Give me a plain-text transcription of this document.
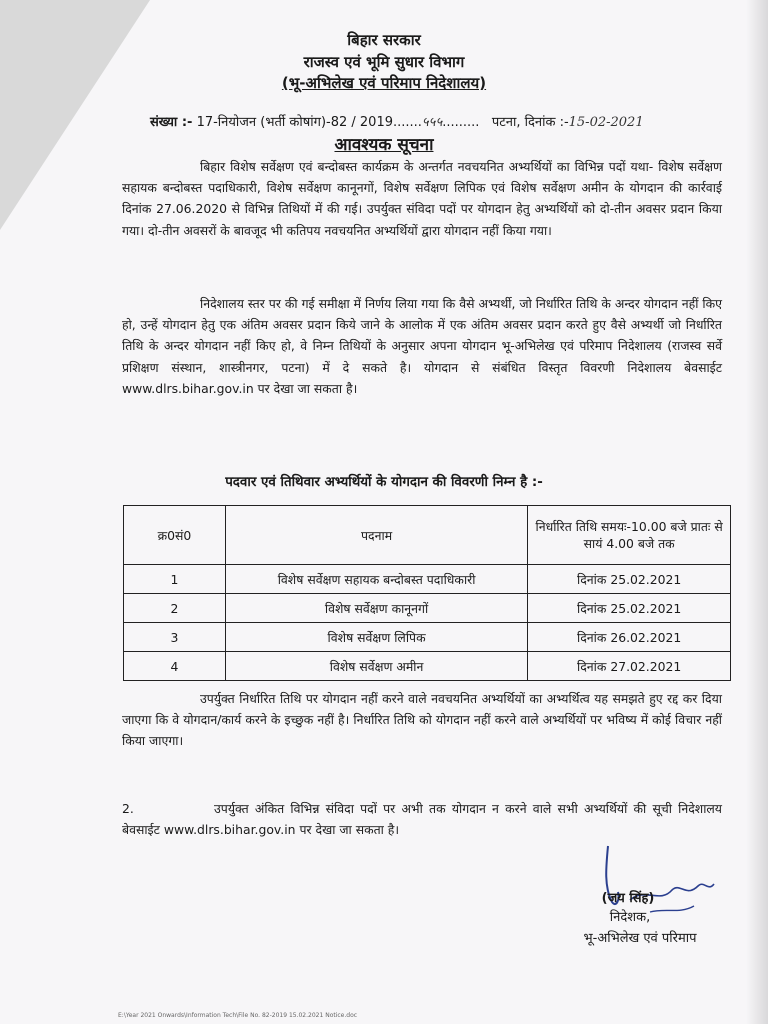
बिहार सरकार
राजस्व एवं भूमि सुधार विभाग
(भू-अभिलेख एवं परिमाप निदेशालय)
संख्या :- 17-नियोजन (भर्ती कोषांग)-82 / 2019.......५५५......... पटना, दिनांक :-15-02-2021
आवश्यक सूचना
बिहार विशेष सर्वेक्षण एवं बन्दोबस्त कार्यक्रम के अन्तर्गत नवचयनित अभ्यर्थियों का विभिन्न पदों यथा- विशेष सर्वेक्षण सहायक बन्दोबस्त पदाधिकारी, विशेष सर्वेक्षण कानूनगों, विशेष सर्वेक्षण लिपिक एवं विशेष सर्वेक्षण अमीन के योगदान की कार्रवाई दिनांक 27.06.2020 से विभिन्न तिथियों में की गई। उपर्युक्त संविदा पदों पर योगदान हेतु अभ्यर्थियों को दो-तीन अवसर प्रदान किया गया। दो-तीन अवसरों के बावजूद भी कतिपय नवचयनित अभ्यर्थियों द्वारा योगदान नहीं किया गया।
निदेशालय स्तर पर की गई समीक्षा में निर्णय लिया गया कि वैसे अभ्यर्थी, जो निर्धारित तिथि के अन्दर योगदान नहीं किए हो, उन्हें योगदान हेतु एक अंतिम अवसर प्रदान किये जाने के आलोक में एक अंतिम अवसर प्रदान करते हुए वैसे अभ्यर्थी जो निर्धारित तिथि के अन्दर योगदान नहीं किए हो, वे निम्न तिथियों के अनुसार अपना योगदान भू-अभिलेख एवं परिमाप निदेशालय (राजस्व सर्वे प्रशिक्षण संस्थान, शास्त्रीनगर, पटना) में दे सकते है। योगदान से संबंधित विस्तृत विवरणी निदेशालय बेवसाईट www.dlrs.bihar.gov.in पर देखा जा सकता है।
पदवार एवं तिथिवार अभ्यर्थियों के योगदान की विवरणी निम्न है :-
क्र0सं0	पदनाम	निर्धारित तिथि समयः-10.00 बजे प्रातः से सायं 4.00 बजे तक
1	विशेष सर्वेक्षण सहायक बन्दोबस्त पदाधिकारी	दिनांक 25.02.2021
2	विशेष सर्वेक्षण कानूनगों	दिनांक 25.02.2021
3	विशेष सर्वेक्षण लिपिक	दिनांक 26.02.2021
4	विशेष सर्वेक्षण अमीन	दिनांक 27.02.2021
उपर्युक्त निर्धारित तिथि पर योगदान नहीं करने वाले नवचयनित अभ्यर्थियों का अभ्यर्थित्व यह समझते हुए रद्द कर दिया जाएगा कि वे योगदान/कार्य करने के इच्छुक नहीं है। निर्धारित तिथि को योगदान नहीं करने वाले अभ्यर्थियों पर भविष्य में कोई विचार नहीं किया जाएगा।
2.	उपर्युक्त अंकित विभिन्न संविदा पदों पर अभी तक योगदान न करने वाले सभी अभ्यर्थियों की सूची निदेशालय बेवसाईट www.dlrs.bihar.gov.in पर देखा जा सकता है।
(जय सिंह)
निदेशक,
भू-अभिलेख एवं परिमाप
E:\Year 2021 Onwards\Information Tech\File No. 82-2019 15.02.2021 Notice.doc
